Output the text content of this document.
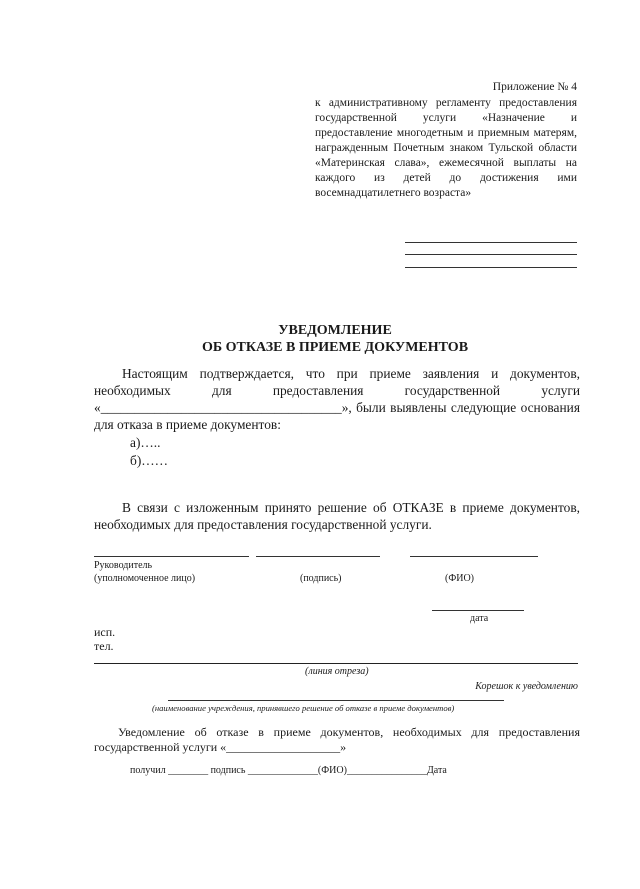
Приложение № 4
к административному регламенту предоставления государственной услуги «Назначение и предоставление многодетным и приемным матерям, награжденным Почетным знаком Тульской области «Материнская слава», ежемесячной выплаты на каждого из детей до достижения ими восемнадцатилетнего возраста»
УВЕДОМЛЕНИЕ
ОБ ОТКАЗЕ В ПРИЕМЕ ДОКУМЕНТОВ
Настоящим подтверждается, что при приеме заявления и документов, необходимых для предоставления государственной услуги «____________________________________», были выявлены следующие основания для отказа в приеме документов:
а)…..
б)……
В связи с изложенным принято решение об ОТКАЗЕ в приеме документов, необходимых для предоставления государственной услуги.
Руководитель
(уполномоченное лицо)	(подпись)	(ФИО)
дата
исп.
тел.
(линия отреза)
Корешок к уведомлению
(наименование учреждения, принявшего решение об отказе в приеме документов)
Уведомление об отказе в приеме документов, необходимых для предоставления государственной услуги «___________________»
получил ________ подпись ______________(ФИО)________________Дата
